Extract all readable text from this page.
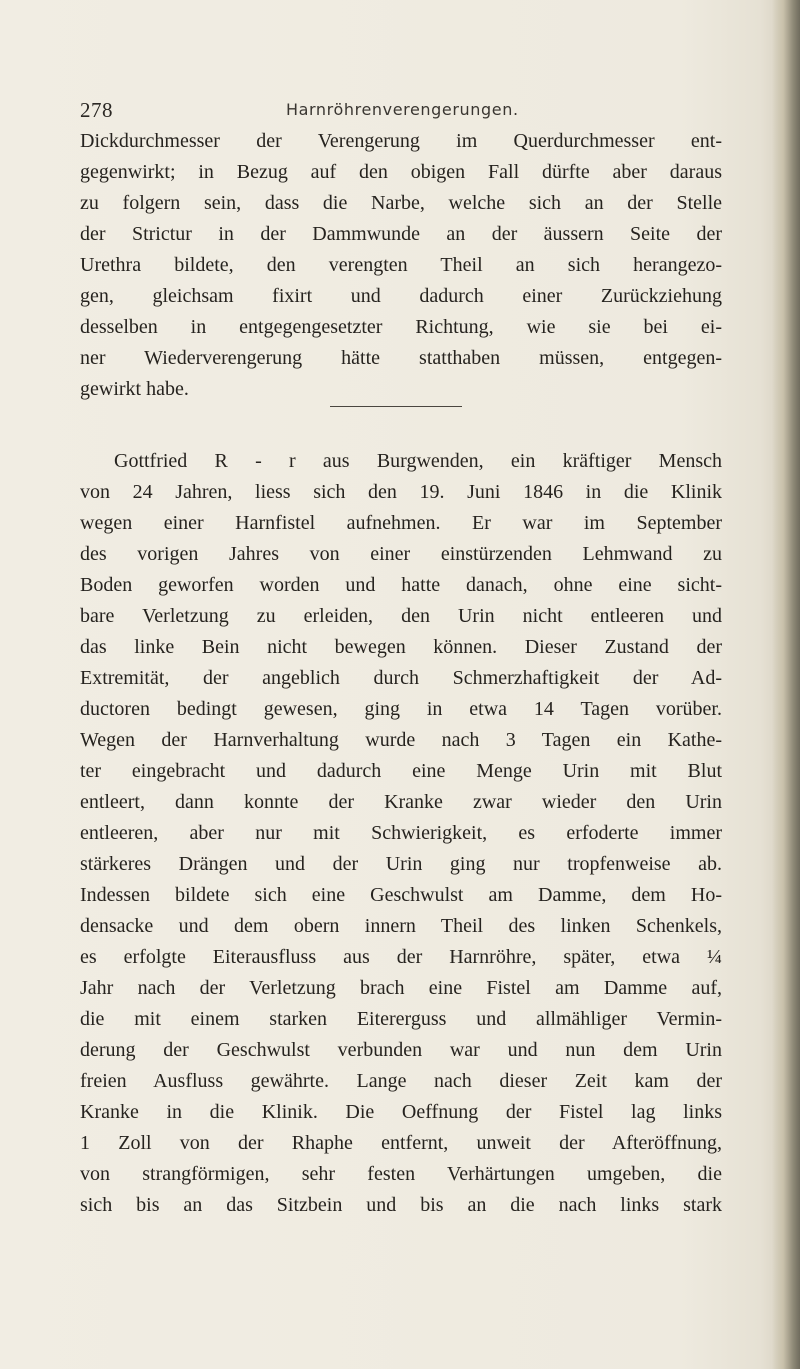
278	Harnröhrenverengerungen.
Dickdurchmesser der Verengerung im Querdurchmesser ent-
gegenwirkt; in Bezug auf den obigen Fall dürfte aber daraus
zu folgern sein, dass die Narbe, welche sich an der Stelle
der Strictur in der Dammwunde an der äussern Seite der
Urethra bildete, den verengten Theil an sich herangezo-
gen, gleichsam fixirt und dadurch einer Zurückziehung
desselben in entgegengesetzter Richtung, wie sie bei ei-
ner Wiederverengerung hätte statthaben müssen, entgegen-
gewirkt habe.
Gottfried R - r aus Burgwenden, ein kräftiger Mensch
von 24 Jahren, liess sich den 19. Juni 1846 in die Klinik
wegen einer Harnfistel aufnehmen. Er war im September
des vorigen Jahres von einer einstürzenden Lehmwand zu
Boden geworfen worden und hatte danach, ohne eine sicht-
bare Verletzung zu erleiden, den Urin nicht entleeren und
das linke Bein nicht bewegen können. Dieser Zustand der
Extremität, der angeblich durch Schmerzhaftigkeit der Ad-
ductoren bedingt gewesen, ging in etwa 14 Tagen vorüber.
Wegen der Harnverhaltung wurde nach 3 Tagen ein Kathe-
ter eingebracht und dadurch eine Menge Urin mit Blut
entleert, dann konnte der Kranke zwar wieder den Urin
entleeren, aber nur mit Schwierigkeit, es erfoderte immer
stärkeres Drängen und der Urin ging nur tropfenweise ab.
Indessen bildete sich eine Geschwulst am Damme, dem Ho-
densacke und dem obern innern Theil des linken Schenkels,
es erfolgte Eiterausfluss aus der Harnröhre, später, etwa ¼
Jahr nach der Verletzung brach eine Fistel am Damme auf,
die mit einem starken Eitererguss und allmähliger Vermin-
derung der Geschwulst verbunden war und nun dem Urin
freien Ausfluss gewährte. Lange nach dieser Zeit kam der
Kranke in die Klinik. Die Oeffnung der Fistel lag links
1 Zoll von der Rhaphe entfernt, unweit der Afteröffnung,
von strangförmigen, sehr festen Verhärtungen umgeben, die
sich bis an das Sitzbein und bis an die nach links stark
